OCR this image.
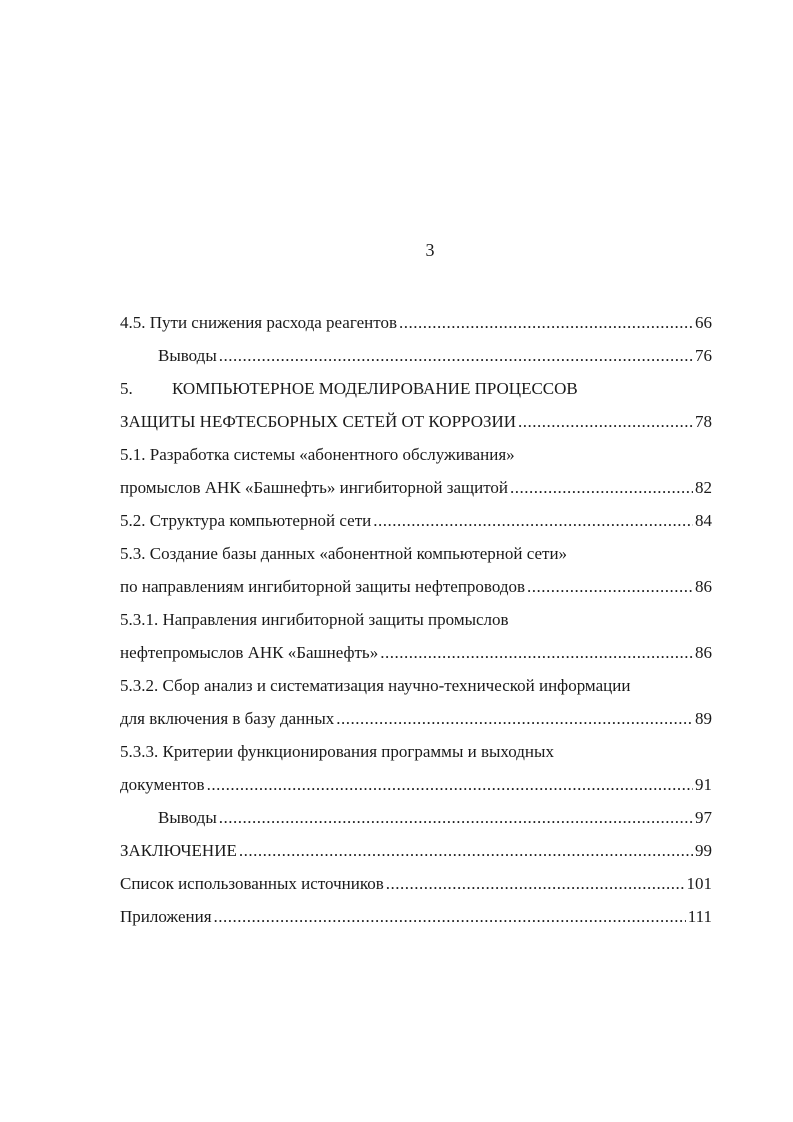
3
4.5. Пути снижения расхода реагентов .....	66
Выводы .....	76
5.	КОМПЬЮТЕРНОЕ МОДЕЛИРОВАНИЕ ПРОЦЕССОВ
ЗАЩИТЫ НЕФТЕСБОРНЫХ СЕТЕЙ ОТ КОРРОЗИИ .....	78
5.1. Разработка системы «абонентного обслуживания»
промыслов АНК «Башнефть» ингибиторной защитой .....	82
5.2. Структура компьютерной сети .....	84
5.3. Создание базы данных «абонентной компьютерной сети»
по направлениям ингибиторной защиты нефтепроводов .....	86
5.3.1. Направления ингибиторной защиты промыслов
нефтепромыслов АНК «Башнефть» .....	86
5.3.2. Сбор анализ и систематизация научно-технической информации
для включения в базу данных .....	89
5.3.3. Критерии функционирования программы и выходных
документов .....	91
Выводы .....	97
ЗАКЛЮЧЕНИЕ .....	99
Список использованных источников .....	101
Приложения .....	111
